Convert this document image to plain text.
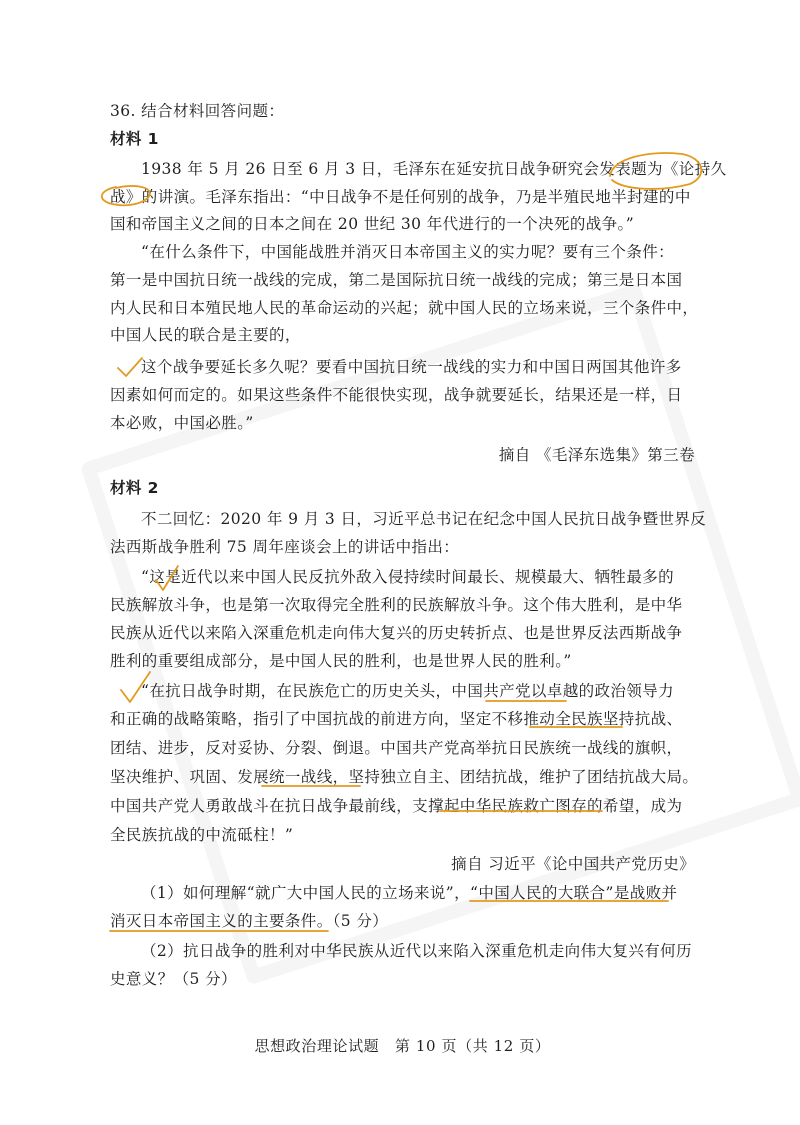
36. 结合材料回答问题：

材料 1

1938 年 5 月 26 日至 6 月 3 日，毛泽东在延安抗日战争研究会发表题为《论持久

战》的讲演。毛泽东指出：“中日战争不是任何别的战争，乃是半殖民地半封建的中

国和帝国主义之间的日本之间在 20 世纪 30 年代进行的一个决死的战争。”

“在什么条件下，中国能战胜并消灭日本帝国主义的实力呢？要有三个条件：

第一是中国抗日统一战线的完成，第二是国际抗日统一战线的完成；第三是日本国

内人民和日本殖民地人民的革命运动的兴起；就中国人民的立场来说，三个条件中，

中国人民的联合是主要的，

这个战争要延长多久呢？要看中国抗日统一战线的实力和中国日两国其他许多

因素如何而定的。如果这些条件不能很快实现，战争就要延长，结果还是一样，日

本必败，中国必胜。”

摘自 《毛泽东选集》第三卷

材料 2

不二回忆：2020 年 9 月 3 日，习近平总书记在纪念中国人民抗日战争暨世界反

法西斯战争胜利 75 周年座谈会上的讲话中指出：

“这是近代以来中国人民反抗外敌入侵持续时间最长、规模最大、牺牲最多的

民族解放斗争，也是第一次取得完全胜利的民族解放斗争。这个伟大胜利，是中华

民族从近代以来陷入深重危机走向伟大复兴的历史转折点、也是世界反法西斯战争

胜利的重要组成部分，是中国人民的胜利，也是世界人民的胜利。”

“在抗日战争时期，在民族危亡的历史关头，中国共产党以卓越的政治领导力

和正确的战略策略，指引了中国抗战的前进方向，坚定不移推动全民族坚持抗战、

团结、进步，反对妥协、分裂、倒退。中国共产党高举抗日民族统一战线的旗帜，

坚决维护、巩固、发展统一战线，坚持独立自主、团结抗战，维护了团结抗战大局。

中国共产党人勇敢战斗在抗日战争最前线，支撑起中华民族救亡图存的希望，成为

全民族抗战的中流砥柱！”

摘自 习近平《论中国共产党历史》

（1）如何理解“就广大中国人民的立场来说”，“中国人民的大联合”是战败并

消灭日本帝国主义的主要条件。（5 分）

（2）抗日战争的胜利对中华民族从近代以来陷入深重危机走向伟大复兴有何历

史意义？（5 分）

思想政治理论试题　第 10 页（共 12 页）
